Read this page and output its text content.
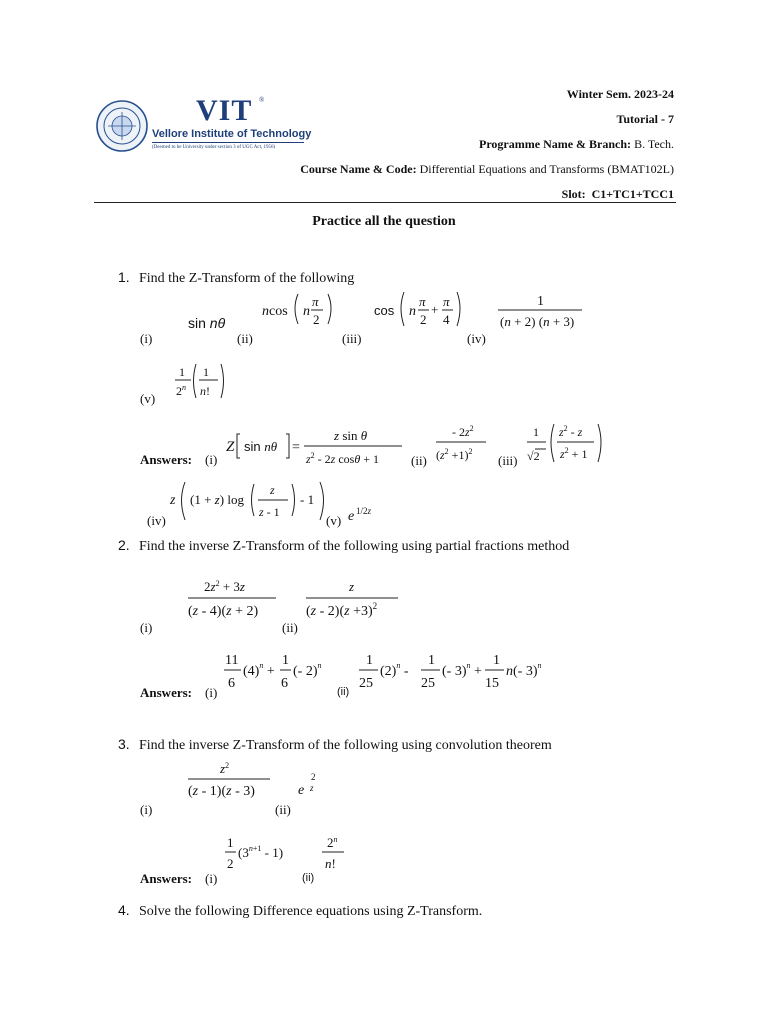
VIT ®
Vellore Institute of Technology
(Deemed to be University under section 3 of UGC Act, 1956)
Winter Sem. 2023-24
Tutorial - 7
Programme Name & Branch: B. Tech.
Course Name & Code: Differential Equations and Transforms (BMAT102L)
Slot: C1+TC1+TCC1
Practice all the question
1. Find the Z-Transform of the following
sin nθ
ncos n
π
2
cos n
π
2
+
π
4
1
(n + 2) (n + 3)
(i)	(ii)	(iii)	(iv)
1
2$^n$
1
n!
(v)
Answers: (i)
Z sin nθ =
z sin θ
$z^2 - 2z$ cosθ + 1
- $2z^2$
$(z^2 +1)^2$
1
√2
$z^2$ - z
$z^2 + 1$
(ii)	(iii)
z (1 + z) log
z
z - 1
- 1
e 1/2z
(iv)	(v)
2. Find the inverse Z-Transform of the following using partial fractions method
$2z^2 + 3z$
(z - 4)(z + 2)
z
$(z - 2)(z +3)^2$
(i)	(ii)
Answers: (i)
11
6
$(4)^n$ +
1
6
(- 2)$^n$	1
25
$(2)^n$ -
1
25
(- 3)$^n$ +
1
15
n(- 3)$^n$
(ii)
3. Find the inverse Z-Transform of the following using convolution theorem
$z^2$
(z - 1)(z - 3)	e
2
z
(i)	(ii)
Answers: (i)
1
2
$(3^{n+1} - 1)$
2$^n$
n!
(ii)
4. Solve the following Difference equations using Z-Transform.
